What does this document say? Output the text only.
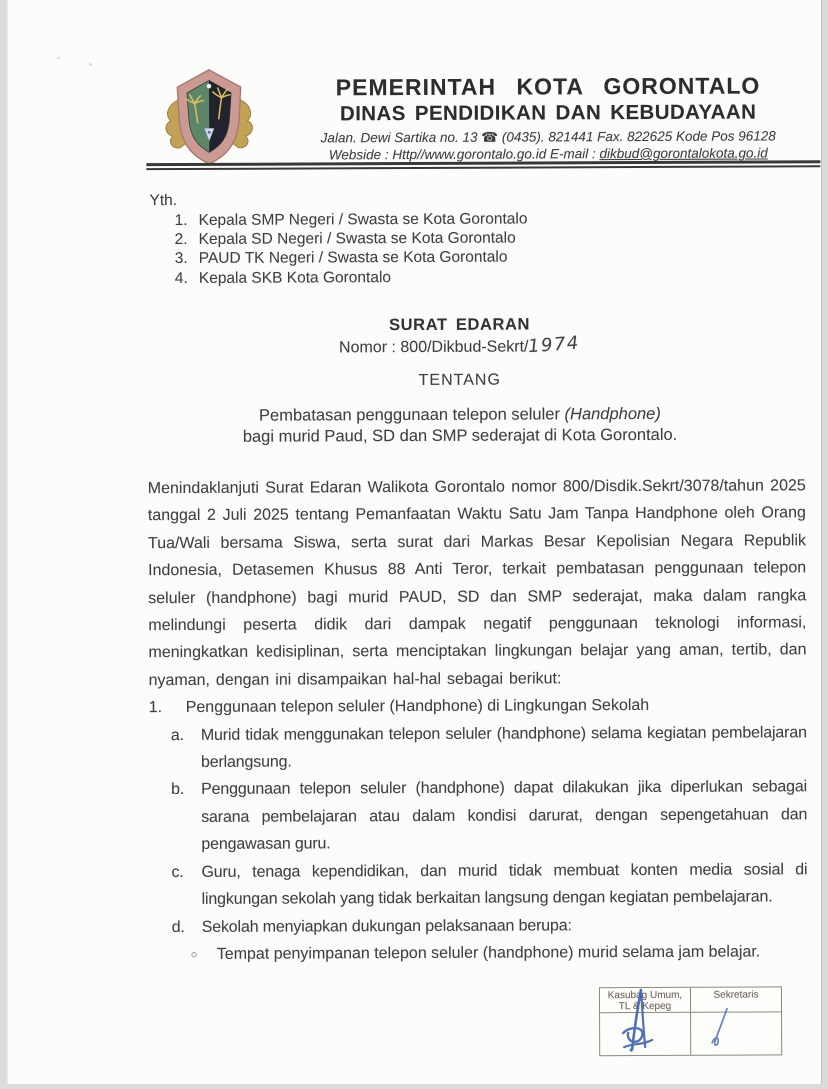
PEMERINTAH KOTA GORONTALO
DINAS PENDIDIKAN DAN KEBUDAYAAN
Jalan. Dewi Sartika no. 13 ☎ (0435). 821441 Fax. 822625 Kode Pos 96128
Webside : Http//www.gorontalo.go.id E-mail : dikbud@gorontalokota.go.id
Yth.
1. Kepala SMP Negeri / Swasta se Kota Gorontalo
2. Kepala SD Negeri / Swasta se Kota Gorontalo
3. PAUD TK Negeri / Swasta se Kota Gorontalo
4. Kepala SKB Kota Gorontalo
SURAT EDARAN
Nomor : 800/Dikbud-Sekrt/1974
TENTANG
Pembatasan penggunaan telepon seluler (Handphone)
bagi murid Paud, SD dan SMP sederajat di Kota Gorontalo.
Menindaklanjuti Surat Edaran Walikota Gorontalo nomor 800/Disdik.Sekrt/3078/tahun 2025 tanggal 2 Juli 2025 tentang Pemanfaatan Waktu Satu Jam Tanpa Handphone oleh Orang Tua/Wali bersama Siswa, serta surat dari Markas Besar Kepolisian Negara Republik Indonesia, Detasemen Khusus 88 Anti Teror, terkait pembatasan penggunaan telepon seluler (handphone) bagi murid PAUD, SD dan SMP sederajat, maka dalam rangka melindungi peserta didik dari dampak negatif penggunaan teknologi informasi, meningkatkan kedisiplinan, serta menciptakan lingkungan belajar yang aman, tertib, dan nyaman, dengan ini disampaikan hal-hal sebagai berikut:
1.	Penggunaan telepon seluler (Handphone) di Lingkungan Sekolah
a. Murid tidak menggunakan telepon seluler (handphone) selama kegiatan pembelajaran berlangsung.
b. Penggunaan telepon seluler (handphone) dapat dilakukan jika diperlukan sebagai sarana pembelajaran atau dalam kondisi darurat, dengan sepengetahuan dan pengawasan guru.
c. Guru, tenaga kependidikan, dan murid tidak membuat konten media sosial di lingkungan sekolah yang tidak berkaitan langsung dengan kegiatan pembelajaran.
d. Sekolah menyiapkan dukungan pelaksanaan berupa:
○ Tempat penyimpanan telepon seluler (handphone) murid selama jam belajar.
Kasubag Umum,
TL & Kepeg
Sekretaris
